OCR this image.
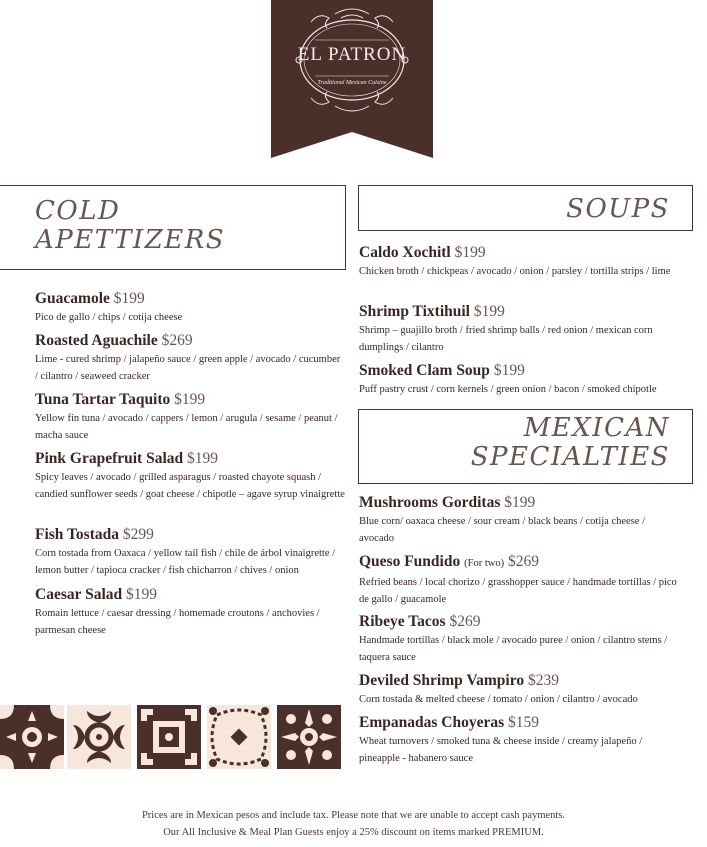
EL PATRON
Traditional Mexican Cuisine
COLD
APETTIZERS
SOUPS
MEXICAN
SPECIALTIES
Guacamole $199
Pico de gallo / chips / cotija cheese
Roasted Aguachile $269
Lime - cured shrimp / jalapeño sauce / green apple / avocado / cucumber / cilantro / seaweed cracker
Tuna Tartar Taquito $199
Yellow fin tuna / avocado / cappers / lemon / arugula / sesame / peanut / macha sauce
Pink Grapefruit Salad $199
Spicy leaves / avocado / grilled asparagus / roasted chayote squash / candied sunflower seeds / goat cheese / chipotle – agave syrup vinaigrette
Fish Tostada $299
Corn tostada from Oaxaca / yellow tail fish / chile de árbol vinaigrette / lemon butter / tapioca cracker / fish chicharron / chives / onion
Caesar Salad $199
Romain lettuce / caesar dressing / homemade croutons / anchovies / parmesan cheese
Caldo Xochitl $199
Chicken broth / chickpeas / avocado / onion / parsley / tortilla strips / lime
Shrimp Tixtihuil $199
Shrimp – guajillo broth / fried shrimp balls / red onion / mexican corn dumplings / cilantro
Smoked Clam Soup $199
Puff pastry crust / corn kernels / green onion / bacon / smoked chipotle
Mushrooms Gorditas $199
Blue corn/ oaxaca cheese / sour cream / black beans / cotija cheese / avocado
Queso Fundido (For two) $269
Refried beans / local chorizo / grasshopper sauce / handmade tortillas / pico de gallo / guacamole
Ribeye Tacos $269
Handmade tortillas / black mole / avocado puree / onion / cilantro stems / taquera sauce
Deviled Shrimp Vampiro $239
Corn tostada & melted cheese / tomato / onion / cilantro / avocado
Empanadas Choyeras $159
Wheat turnovers / smoked tuna & cheese inside / creamy jalapeño / pineapple - habanero sauce
Prices are in Mexican pesos and include tax. Please note that we are unable to accept cash payments.
Our All Inclusive & Meal Plan Guests enjoy a 25% discount on items marked PREMIUM.
